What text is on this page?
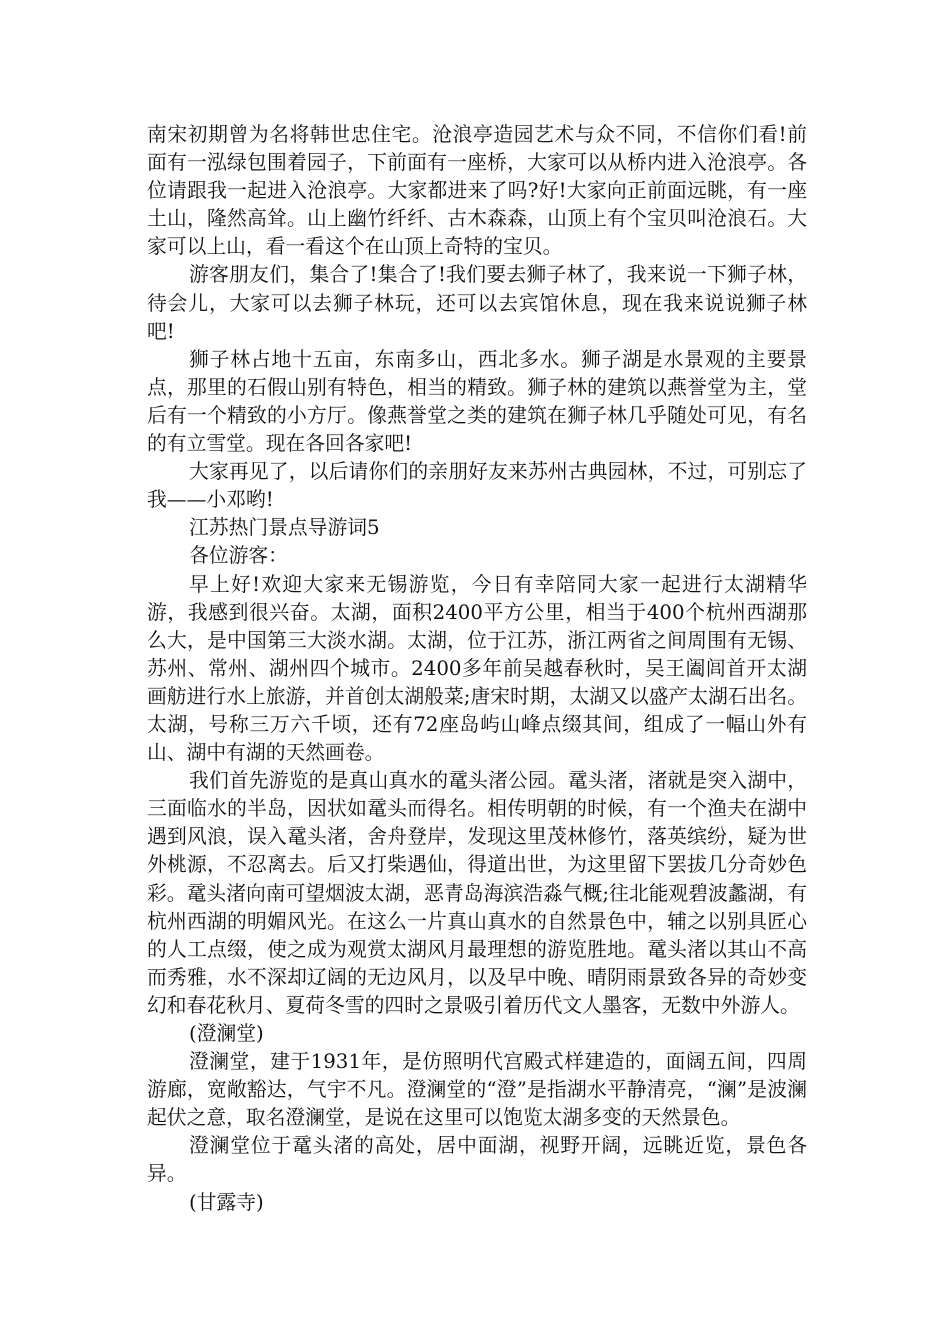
南宋初期曾为名将韩世忠住宅。沧浪亭造园艺术与众不同，不信你们看!前面有一泓绿包围着园子，下前面有一座桥，大家可以从桥内进入沧浪亭。各位请跟我一起进入沧浪亭。大家都进来了吗?好!大家向正前面远眺，有一座土山，隆然高耸。山上幽竹纤纤、古木森森，山顶上有个宝贝叫沧浪石。大家可以上山，看一看这个在山顶上奇特的宝贝。

游客朋友们，集合了!集合了!我们要去狮子林了，我来说一下狮子林，待会儿，大家可以去狮子林玩，还可以去宾馆休息，现在我来说说狮子林吧!

狮子林占地十五亩，东南多山，西北多水。狮子湖是水景观的主要景点，那里的石假山别有特色，相当的精致。狮子林的建筑以燕誉堂为主，堂后有一个精致的小方厅。像燕誉堂之类的建筑在狮子林几乎随处可见，有名的有立雪堂。现在各回各家吧!

大家再见了，以后请你们的亲朋好友来苏州古典园林，不过，可别忘了我——小邓哟!

江苏热门景点导游词5

各位游客：

早上好!欢迎大家来无锡游览，今日有幸陪同大家一起进行太湖精华游，我感到很兴奋。太湖，面积2400平方公里，相当于400个杭州西湖那么大，是中国第三大淡水湖。太湖，位于江苏，浙江两省之间周围有无锡、苏州、常州、湖州四个城市。2400多年前吴越春秋时，吴王阖闾首开太湖画舫进行水上旅游，并首创太湖般菜;唐宋时期，太湖又以盛产太湖石出名。太湖，号称三万六千顷，还有72座岛屿山峰点缀其间，组成了一幅山外有山、湖中有湖的天然画卷。

我们首先游览的是真山真水的鼋头渚公园。鼋头渚，渚就是突入湖中，三面临水的半岛，因状如鼋头而得名。相传明朝的时候，有一个渔夫在湖中遇到风浪，误入鼋头渚，舍舟登岸，发现这里茂林修竹，落英缤纷，疑为世外桃源，不忍离去。后又打柴遇仙，得道出世，为这里留下罢拔几分奇妙色彩。鼋头渚向南可望烟波太湖，恶青岛海滨浩淼气概;往北能观碧波蠡湖，有杭州西湖的明媚风光。在这么一片真山真水的自然景色中，辅之以别具匠心的人工点缀，使之成为观赏太湖风月最理想的游览胜地。鼋头渚以其山不高而秀雅，水不深却辽阔的无边风月，以及早中晚、晴阴雨景致各异的奇妙变幻和春花秋月、夏荷冬雪的四时之景吸引着历代文人墨客，无数中外游人。

(澄澜堂)

澄澜堂，建于1931年，是仿照明代宫殿式样建造的，面阔五间，四周游廊，宽敞豁达，气宇不凡。澄澜堂的“澄”是指湖水平静清亮，“澜”是波澜起伏之意，取名澄澜堂，是说在这里可以饱览太湖多变的天然景色。

澄澜堂位于鼋头渚的高处，居中面湖，视野开阔，远眺近览，景色各异。

(甘露寺)
